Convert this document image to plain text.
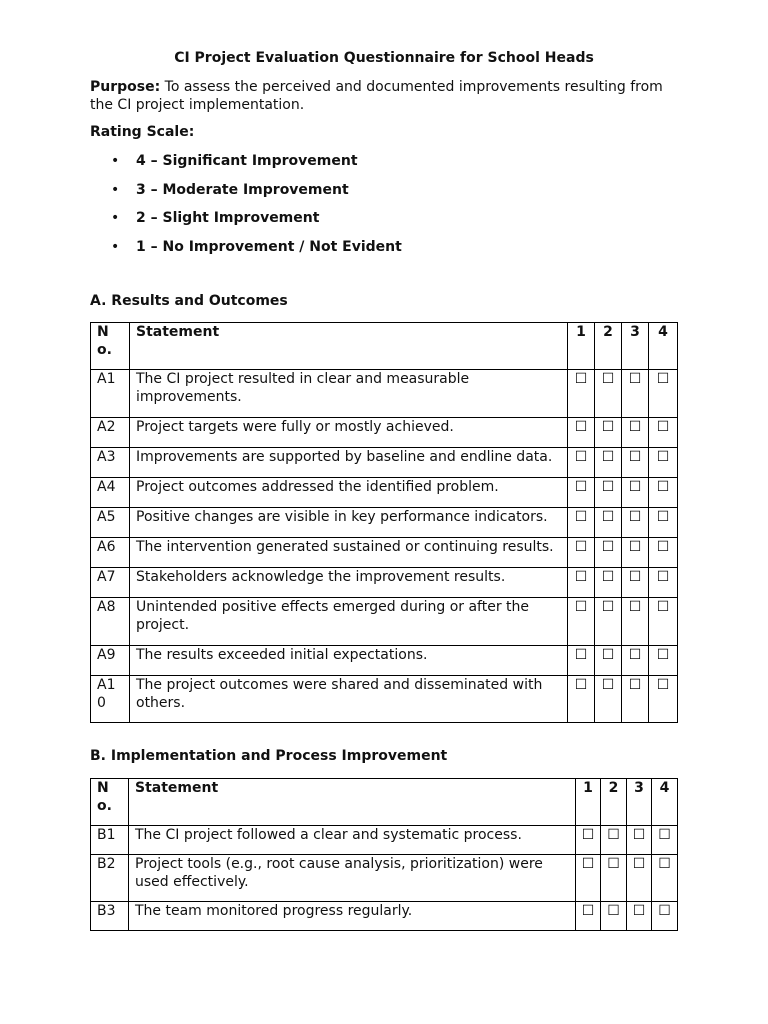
CI Project Evaluation Questionnaire for School Heads
Purpose: To assess the perceived and documented improvements resulting from the CI project implementation.
Rating Scale:
• 4 – Significant Improvement
• 3 – Moderate Improvement
• 2 – Slight Improvement
• 1 – No Improvement / Not Evident
A. Results and Outcomes
No.	Statement	1	2	3	4
A1	The CI project resulted in clear and measurable improvements.	☐	☐	☐	☐
A2	Project targets were fully or mostly achieved.	☐	☐	☐	☐
A3	Improvements are supported by baseline and endline data.	☐	☐	☐	☐
A4	Project outcomes addressed the identified problem.	☐	☐	☐	☐
A5	Positive changes are visible in key performance indicators.	☐	☐	☐	☐
A6	The intervention generated sustained or continuing results.	☐	☐	☐	☐
A7	Stakeholders acknowledge the improvement results.	☐	☐	☐	☐
A8	Unintended positive effects emerged during or after the project.	☐	☐	☐	☐
A9	The results exceeded initial expectations.	☐	☐	☐	☐
A10	The project outcomes were shared and disseminated with others.	☐	☐	☐	☐
B. Implementation and Process Improvement
No.	Statement	1	2	3	4
B1	The CI project followed a clear and systematic process.	☐	☐	☐	☐
B2	Project tools (e.g., root cause analysis, prioritization) were used effectively.	☐	☐	☐	☐
B3	The team monitored progress regularly.	☐	☐	☐	☐
